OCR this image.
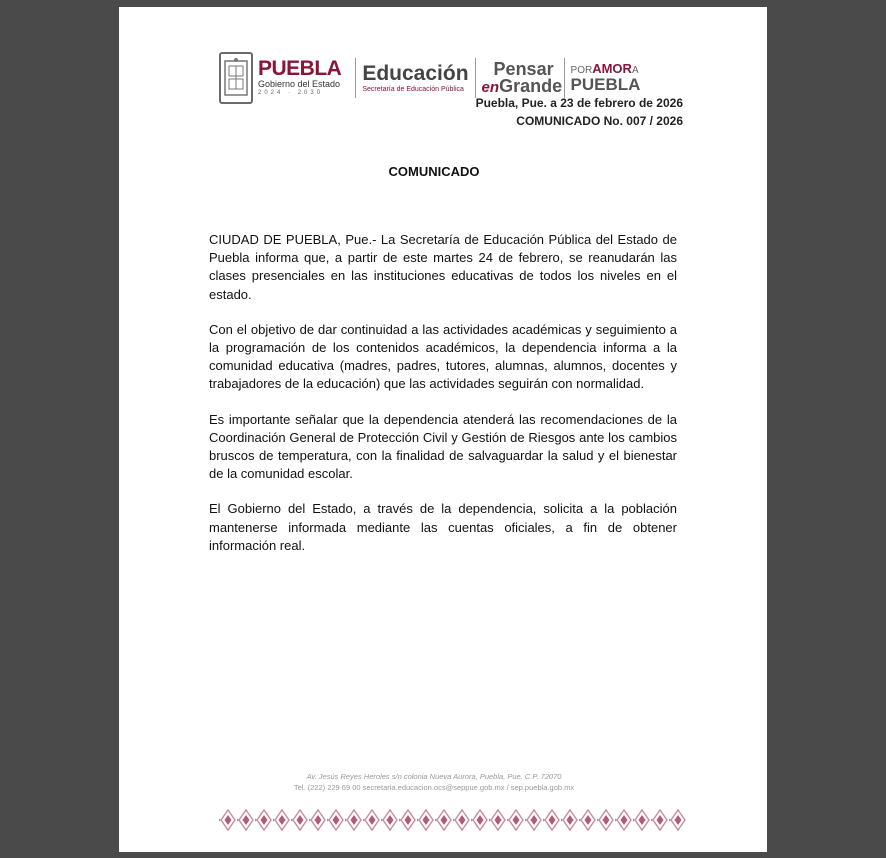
PUEBLA
Gobierno del Estado
2024 · 2030
Educación
Secretaría de Educación Pública
Pensar
en Grande
PORAMORA
PUEBLA
Puebla, Pue. a 23 de febrero de 2026
COMUNICADO No. 007 / 2026
COMUNICADO

CIUDAD DE PUEBLA, Pue.- La Secretaría de Educación Pública del Estado de Puebla informa que, a partir de este martes 24 de febrero, se reanudarán las clases presenciales en las instituciones educativas de todos los niveles en el estado.

Con el objetivo de dar continuidad a las actividades académicas y seguimiento a la programación de los contenidos académicos, la dependencia informa a la comunidad educativa (madres, padres, tutores, alumnas, alumnos, docentes y trabajadores de la educación) que las actividades seguirán con normalidad.

Es importante señalar que la dependencia atenderá las recomendaciones de la Coordinación General de Protección Civil y Gestión de Riesgos ante los cambios bruscos de temperatura, con la finalidad de salvaguardar la salud y el bienestar de la comunidad escolar.

El Gobierno del Estado, a través de la dependencia, solicita a la población mantenerse informada mediante las cuentas oficiales, a fin de obtener información real.

Av. Jesús Reyes Heroles s/n colonia Nueva Aurora, Puebla, Pue. C.P. 72070
Tel. (222) 229 69 00 secretaria.educacion.ocs@seppue.gob.mx / sep.puebla.gob.mx
